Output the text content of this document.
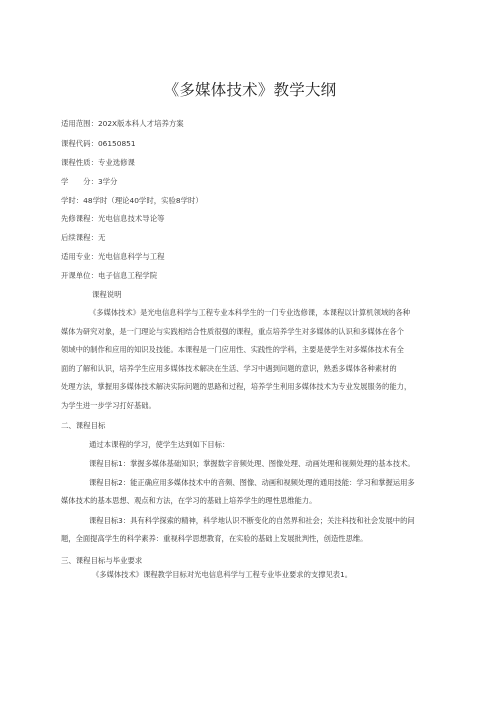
《多媒体技术》教学大纲
适用范围：202X版本科人才培养方案
课程代码：06150851
课程性质：专业选修课
学　　分：3学分
学时：48学时（理论40学时，实验8学时）
先修课程：光电信息技术导论等
后续课程：无
适用专业：光电信息科学与工程
开课单位：电子信息工程学院
课程说明
《多媒体技术》是光电信息科学与工程专业本科学生的一门专业选修课，本课程以计算机领域的各种
媒体为研究对象，是一门理论与实践相结合性质很强的课程，重点培养学生对多媒体的认识和多媒体在各个
领域中的制作和应用的知识及技能。本课程是一门应用性、实践性的学科，主要是使学生对多媒体技术有全
面的了解和认识，培养学生应用多媒体技术解决在生活、学习中遇到问题的意识，熟悉多媒体各种素材的
处理方法，掌握用多媒体技术解决实际问题的思路和过程，培养学生利用多媒体技术为专业发展服务的能力，
为学生进一步学习打好基础。
二、课程目标
通过本课程的学习，使学生达到如下目标：
课程目标1：掌握多媒体基础知识；掌握数字音频处理、图像处理、动画处理和视频处理的基本技术。
课程目标2：能正确应用多媒体技术中的音频、图像、动画和视频处理的通用技能：学习和掌握运用多
媒体技术的基本思想、观点和方法，在学习的基础上培养学生的理性思维能力。
课程目标3：具有科学探索的精神，科学地认识不断变化的自然界和社会；关注科技和社会发展中的问
题，全面提高学生的科学素养：重视科学思想教育，在实验的基础上发展批判性，创造性思维。
三、课程目标与毕业要求
《多媒体技术》课程教学目标对光电信息科学与工程专业毕业要求的支撑见表1。
